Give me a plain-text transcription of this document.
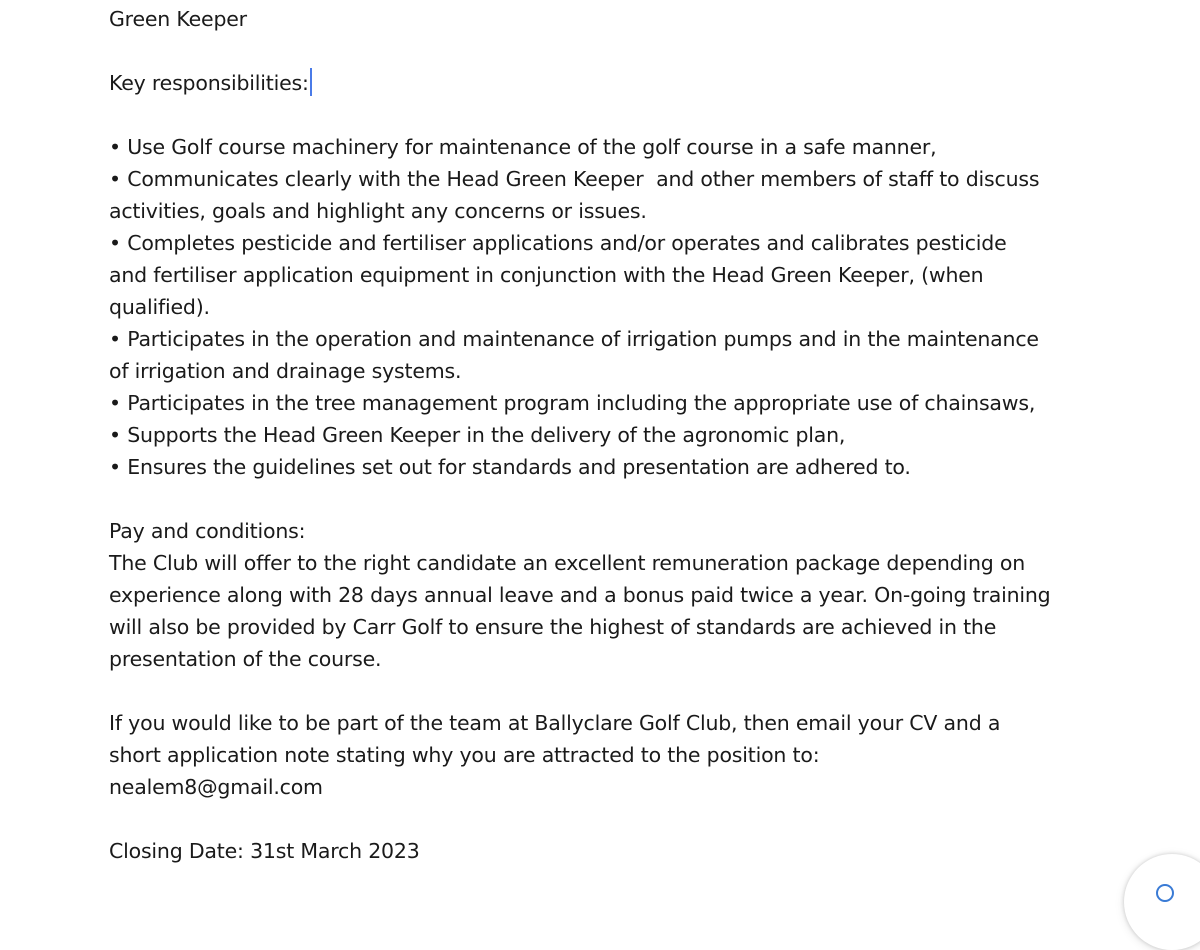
Green Keeper
Key responsibilities:
• Use Golf course machinery for maintenance of the golf course in a safe manner,
• Communicates clearly with the Head Green Keeper  and other members of staff to discuss
activities, goals and highlight any concerns or issues.
• Completes pesticide and fertiliser applications and/or operates and calibrates pesticide
and fertiliser application equipment in conjunction with the Head Green Keeper, (when
qualified).
• Participates in the operation and maintenance of irrigation pumps and in the maintenance
of irrigation and drainage systems.
• Participates in the tree management program including the appropriate use of chainsaws,
• Supports the Head Green Keeper in the delivery of the agronomic plan,
• Ensures the guidelines set out for standards and presentation are adhered to.
Pay and conditions:
The Club will offer to the right candidate an excellent remuneration package depending on
experience along with 28 days annual leave and a bonus paid twice a year. On-going training
will also be provided by Carr Golf to ensure the highest of standards are achieved in the
presentation of the course.
If you would like to be part of the team at Ballyclare Golf Club, then email your CV and a
short application note stating why you are attracted to the position to:
nealem8@gmail.com
Closing Date: 31st March 2023
